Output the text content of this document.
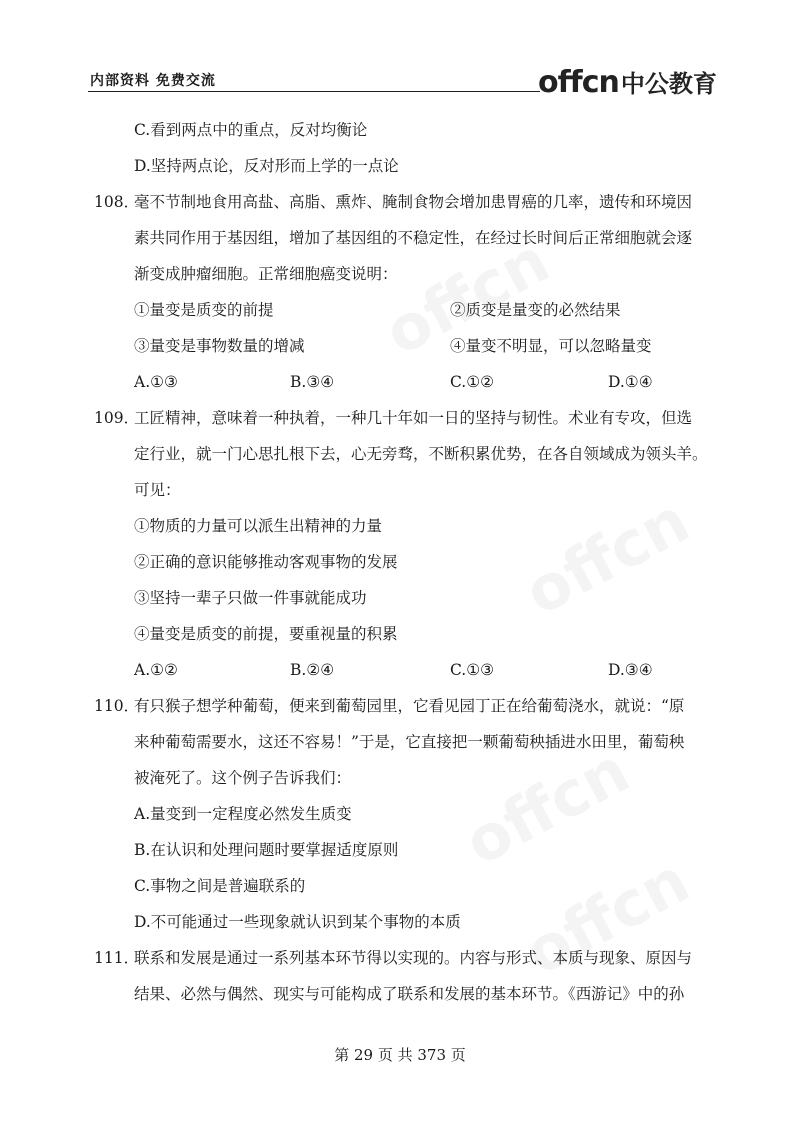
内部资料 免费交流	offcn 中公教育
C.看到两点中的重点，反对均衡论
D.坚持两点论，反对形而上学的一点论
108．
毫不节制地食用高盐、高脂、熏炸、腌制食物会增加患胃癌的几率，遗传和环境因
素共同作用于基因组，增加了基因组的不稳定性，在经过长时间后正常细胞就会逐
渐变成肿瘤细胞。正常细胞癌变说明：
①量变是质变的前提	②质变是量变的必然结果
③量变是事物数量的增减	④量变不明显，可以忽略量变
A.①③	B.③④	C.①②	D.①④
109．
工匠精神，意味着一种执着，一种几十年如一日的坚持与韧性。术业有专攻，但选
定行业，就一门心思扎根下去，心无旁骛，不断积累优势，在各自领域成为领头羊。
可见：
①物质的力量可以派生出精神的力量
②正确的意识能够推动客观事物的发展
③坚持一辈子只做一件事就能成功
④量变是质变的前提，要重视量的积累
A.①②	B.②④	C.①③	D.③④
110．
有只猴子想学种葡萄，便来到葡萄园里，它看见园丁正在给葡萄浇水，就说：“原
来种葡萄需要水，这还不容易！”于是，它直接把一颗葡萄秧插进水田里，葡萄秧
被淹死了。这个例子告诉我们：
A.量变到一定程度必然发生质变
B.在认识和处理问题时要掌握适度原则
C.事物之间是普遍联系的
D.不可能通过一些现象就认识到某个事物的本质
111．
联系和发展是通过一系列基本环节得以实现的。内容与形式、本质与现象、原因与
结果、必然与偶然、现实与可能构成了联系和发展的基本环节。《西游记》中的孙
第 29 页 共 373 页
